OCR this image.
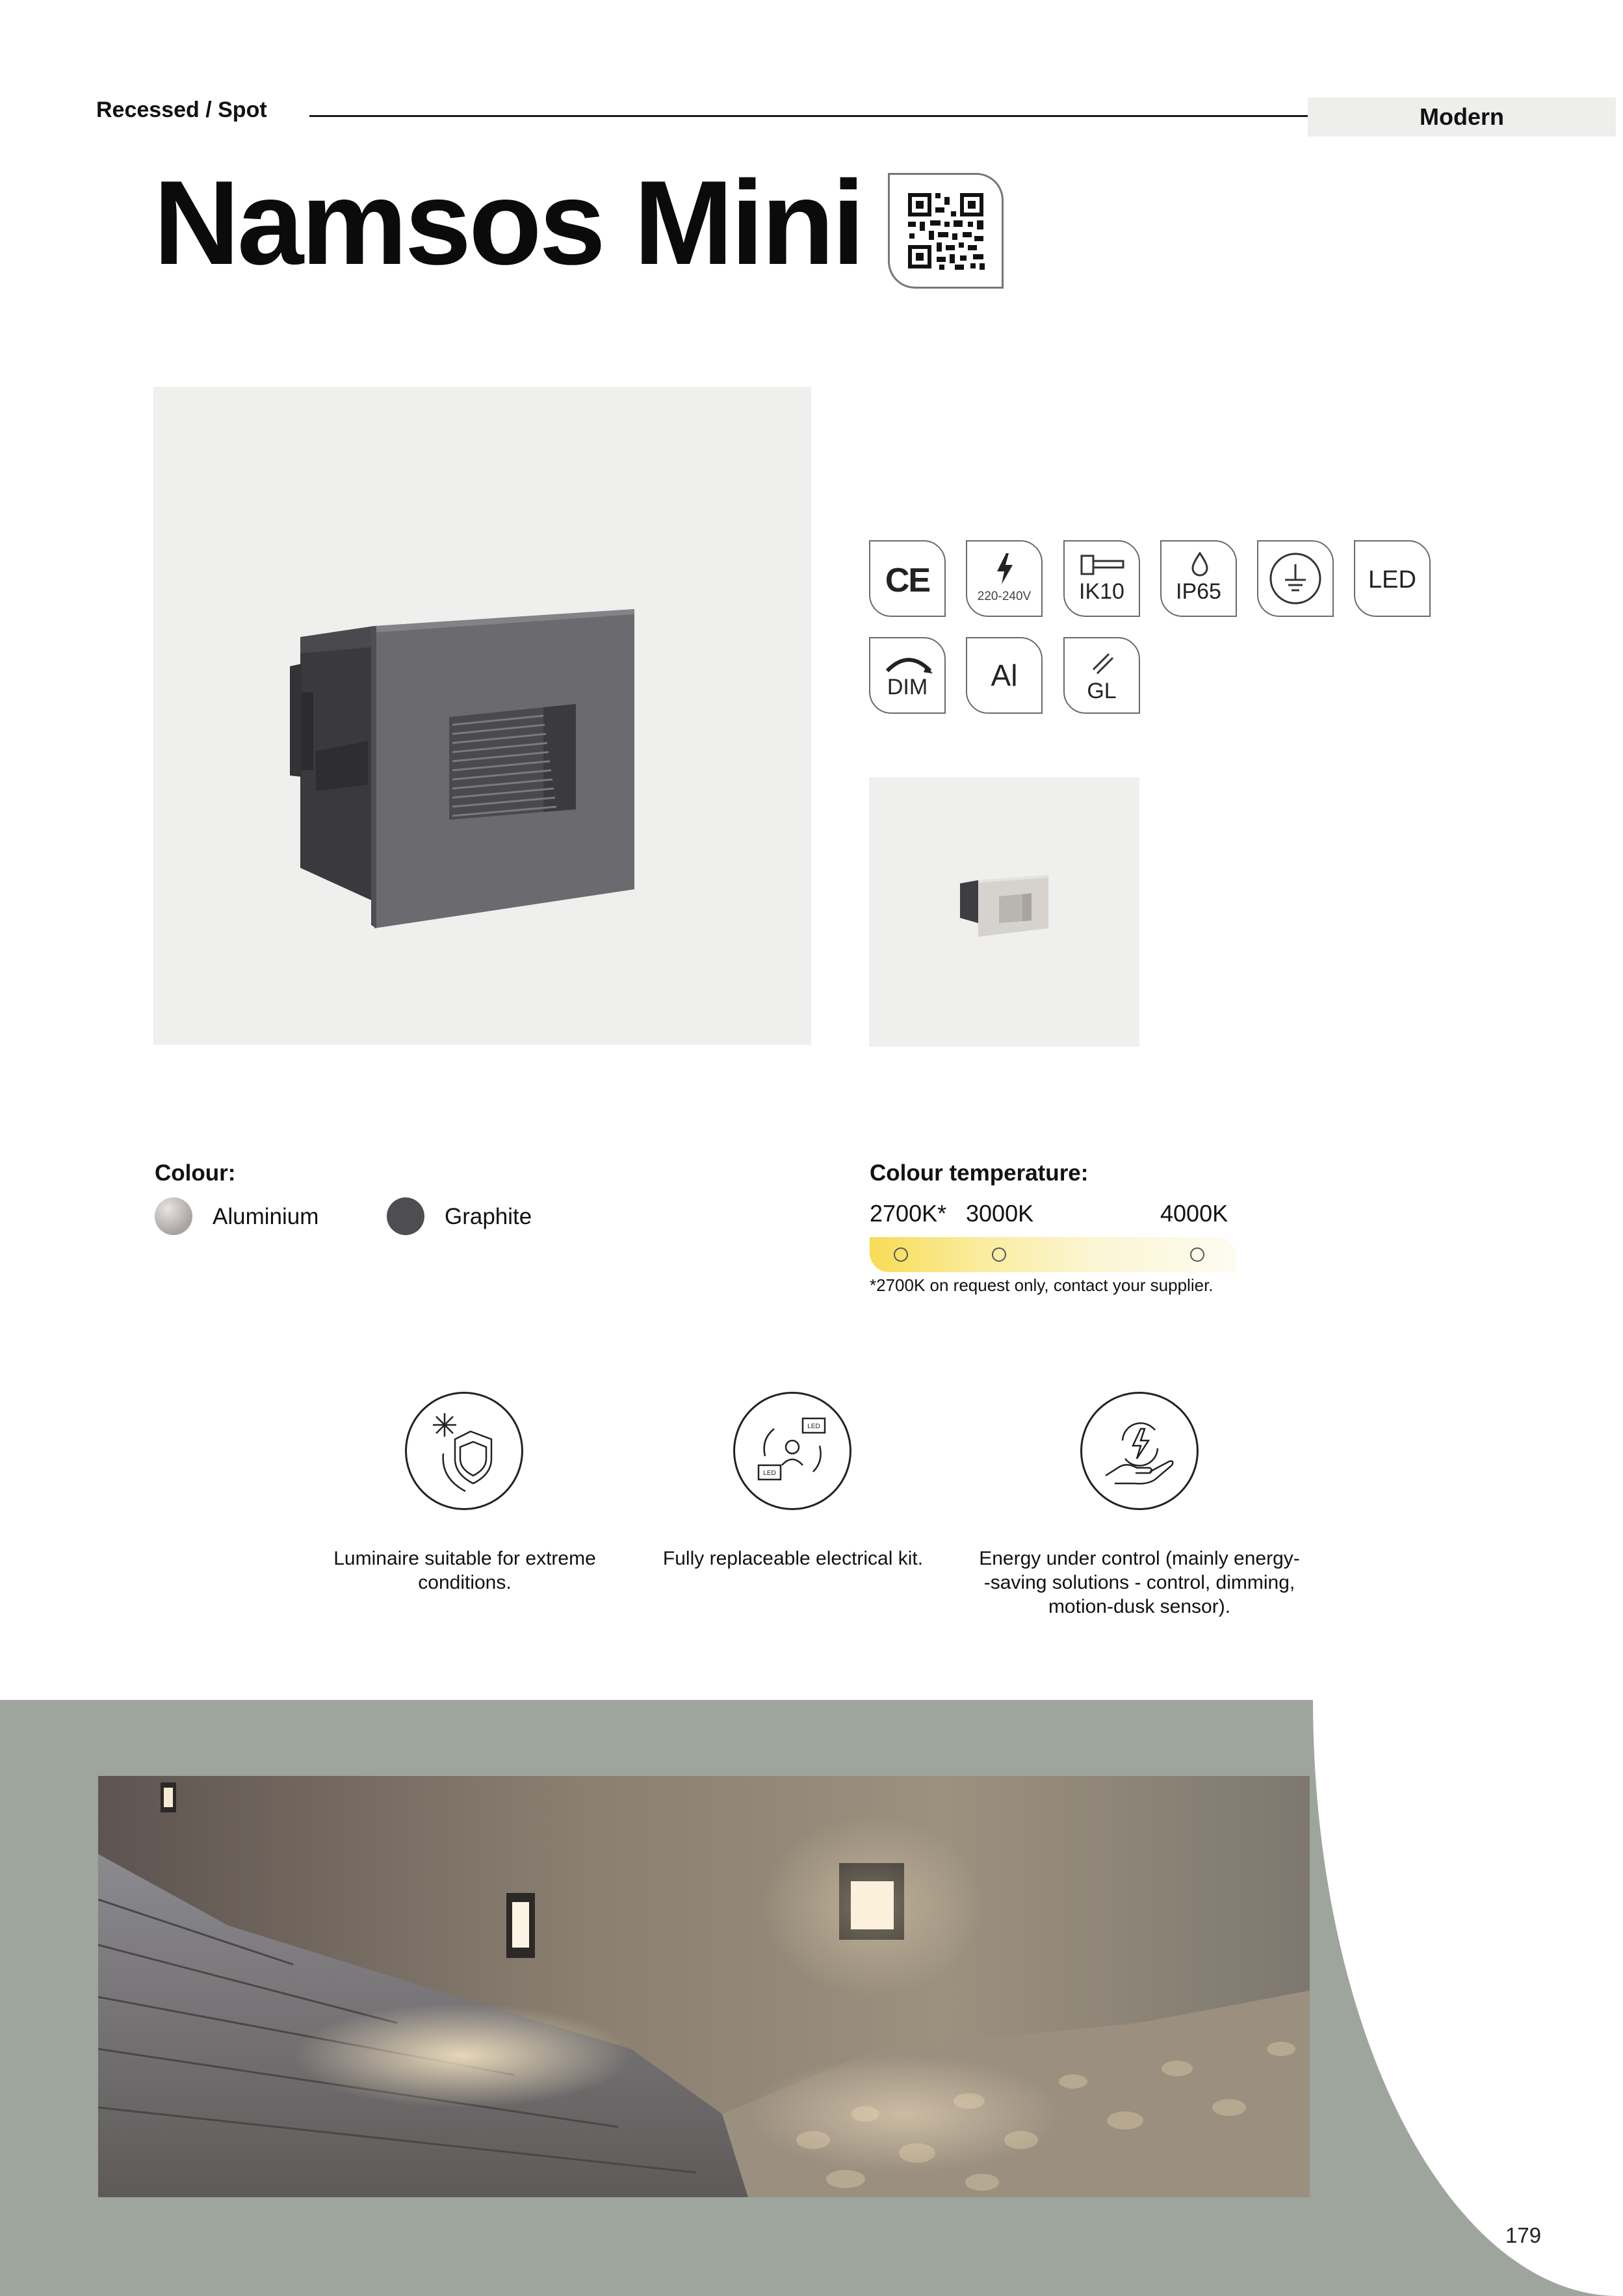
Recessed / Spot	Modern
Namsos Mini
CE	220-240V	IK10	IP65	LED
DIM	Al	GL
Colour:
Aluminium	Graphite
Colour temperature:
2700K* 3000K	4000K
*2700K on request only, contact your supplier.
Luminaire suitable for extreme
conditions.
LED
LED
Fully replaceable electrical kit.	Energy under control (mainly energy-
-saving solutions - control, dimming,
motion-dusk sensor).
179
